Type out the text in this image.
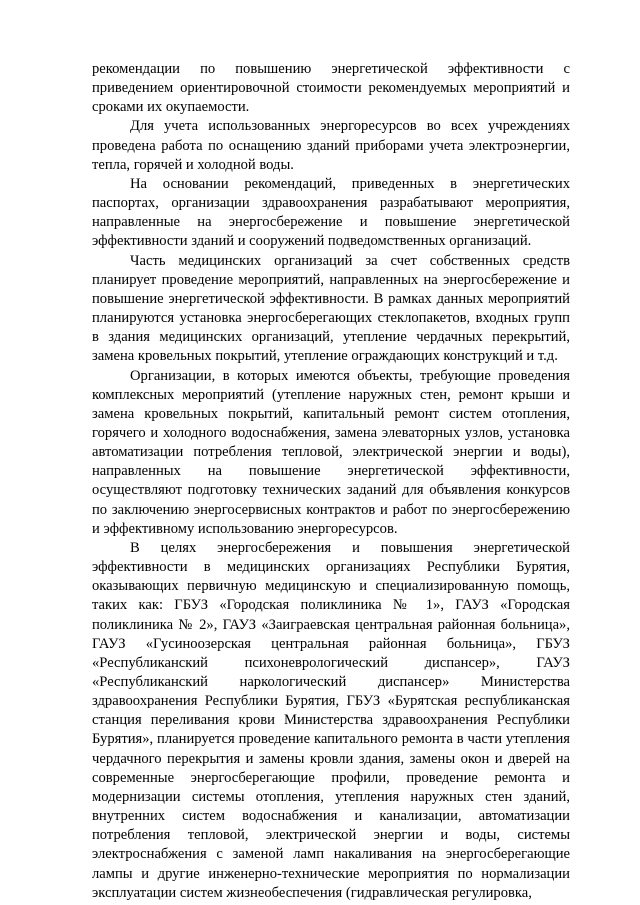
рекомендации по повышению энергетической эффективности с приведением ориентировочной стоимости рекомендуемых мероприятий и сроками их окупаемости.

Для учета использованных энергоресурсов во всех учреждениях проведена работа по оснащению зданий приборами учета электроэнергии, тепла, горячей и холодной воды.

На основании рекомендаций, приведенных в энергетических паспортах, организации здравоохранения разрабатывают мероприятия, направленные на энергосбережение и повышение энергетической эффективности зданий и сооружений подведомственных организаций.

Часть медицинских организаций за счет собственных средств планирует проведение мероприятий, направленных на энергосбережение и повышение энергетической эффективности. В рамках данных мероприятий планируются установка энергосберегающих стеклопакетов, входных групп в здания медицинских организаций, утепление чердачных перекрытий, замена кровельных покрытий, утепление ограждающих конструкций и т.д.

Организации, в которых имеются объекты, требующие проведения комплексных мероприятий (утепление наружных стен, ремонт крыши и замена кровельных покрытий, капитальный ремонт систем отопления, горячего и холодного водоснабжения, замена элеваторных узлов, установка автоматизации потребления тепловой, электрической энергии и воды), направленных на повышение энергетической эффективности, осуществляют подготовку технических заданий для объявления конкурсов по заключению энергосервисных контрактов и работ по энергосбережению и эффективному использованию энергоресурсов.

В целях энергосбережения и повышения энергетической эффективности в медицинских организациях Республики Бурятия, оказывающих первичную медицинскую и специализированную помощь, таких как: ГБУЗ «Городская поликлиника № 1», ГАУЗ «Городская поликлиника № 2», ГАУЗ «Заиграевская центральная районная больница», ГАУЗ «Гусиноозерская центральная районная больница», ГБУЗ «Республиканский психоневрологический диспансер», ГАУЗ «Республиканский наркологический диспансер» Министерства здравоохранения Республики Бурятия, ГБУЗ «Бурятская республиканская станция переливания крови Министерства здравоохранения Республики Бурятия», планируется проведение капитального ремонта в части утепления чердачного перекрытия и замены кровли здания, замены окон и дверей на современные энергосберегающие профили, проведение ремонта и модернизации системы отопления, утепления наружных стен зданий, внутренних систем водоснабжения и канализации, автоматизации потребления тепловой, электрической энергии и воды, системы электроснабжения с заменой ламп накаливания на энергосберегающие лампы и другие инженерно-технические мероприятия по нормализации эксплуатации систем жизнеобеспечения (гидравлическая регулировка,
